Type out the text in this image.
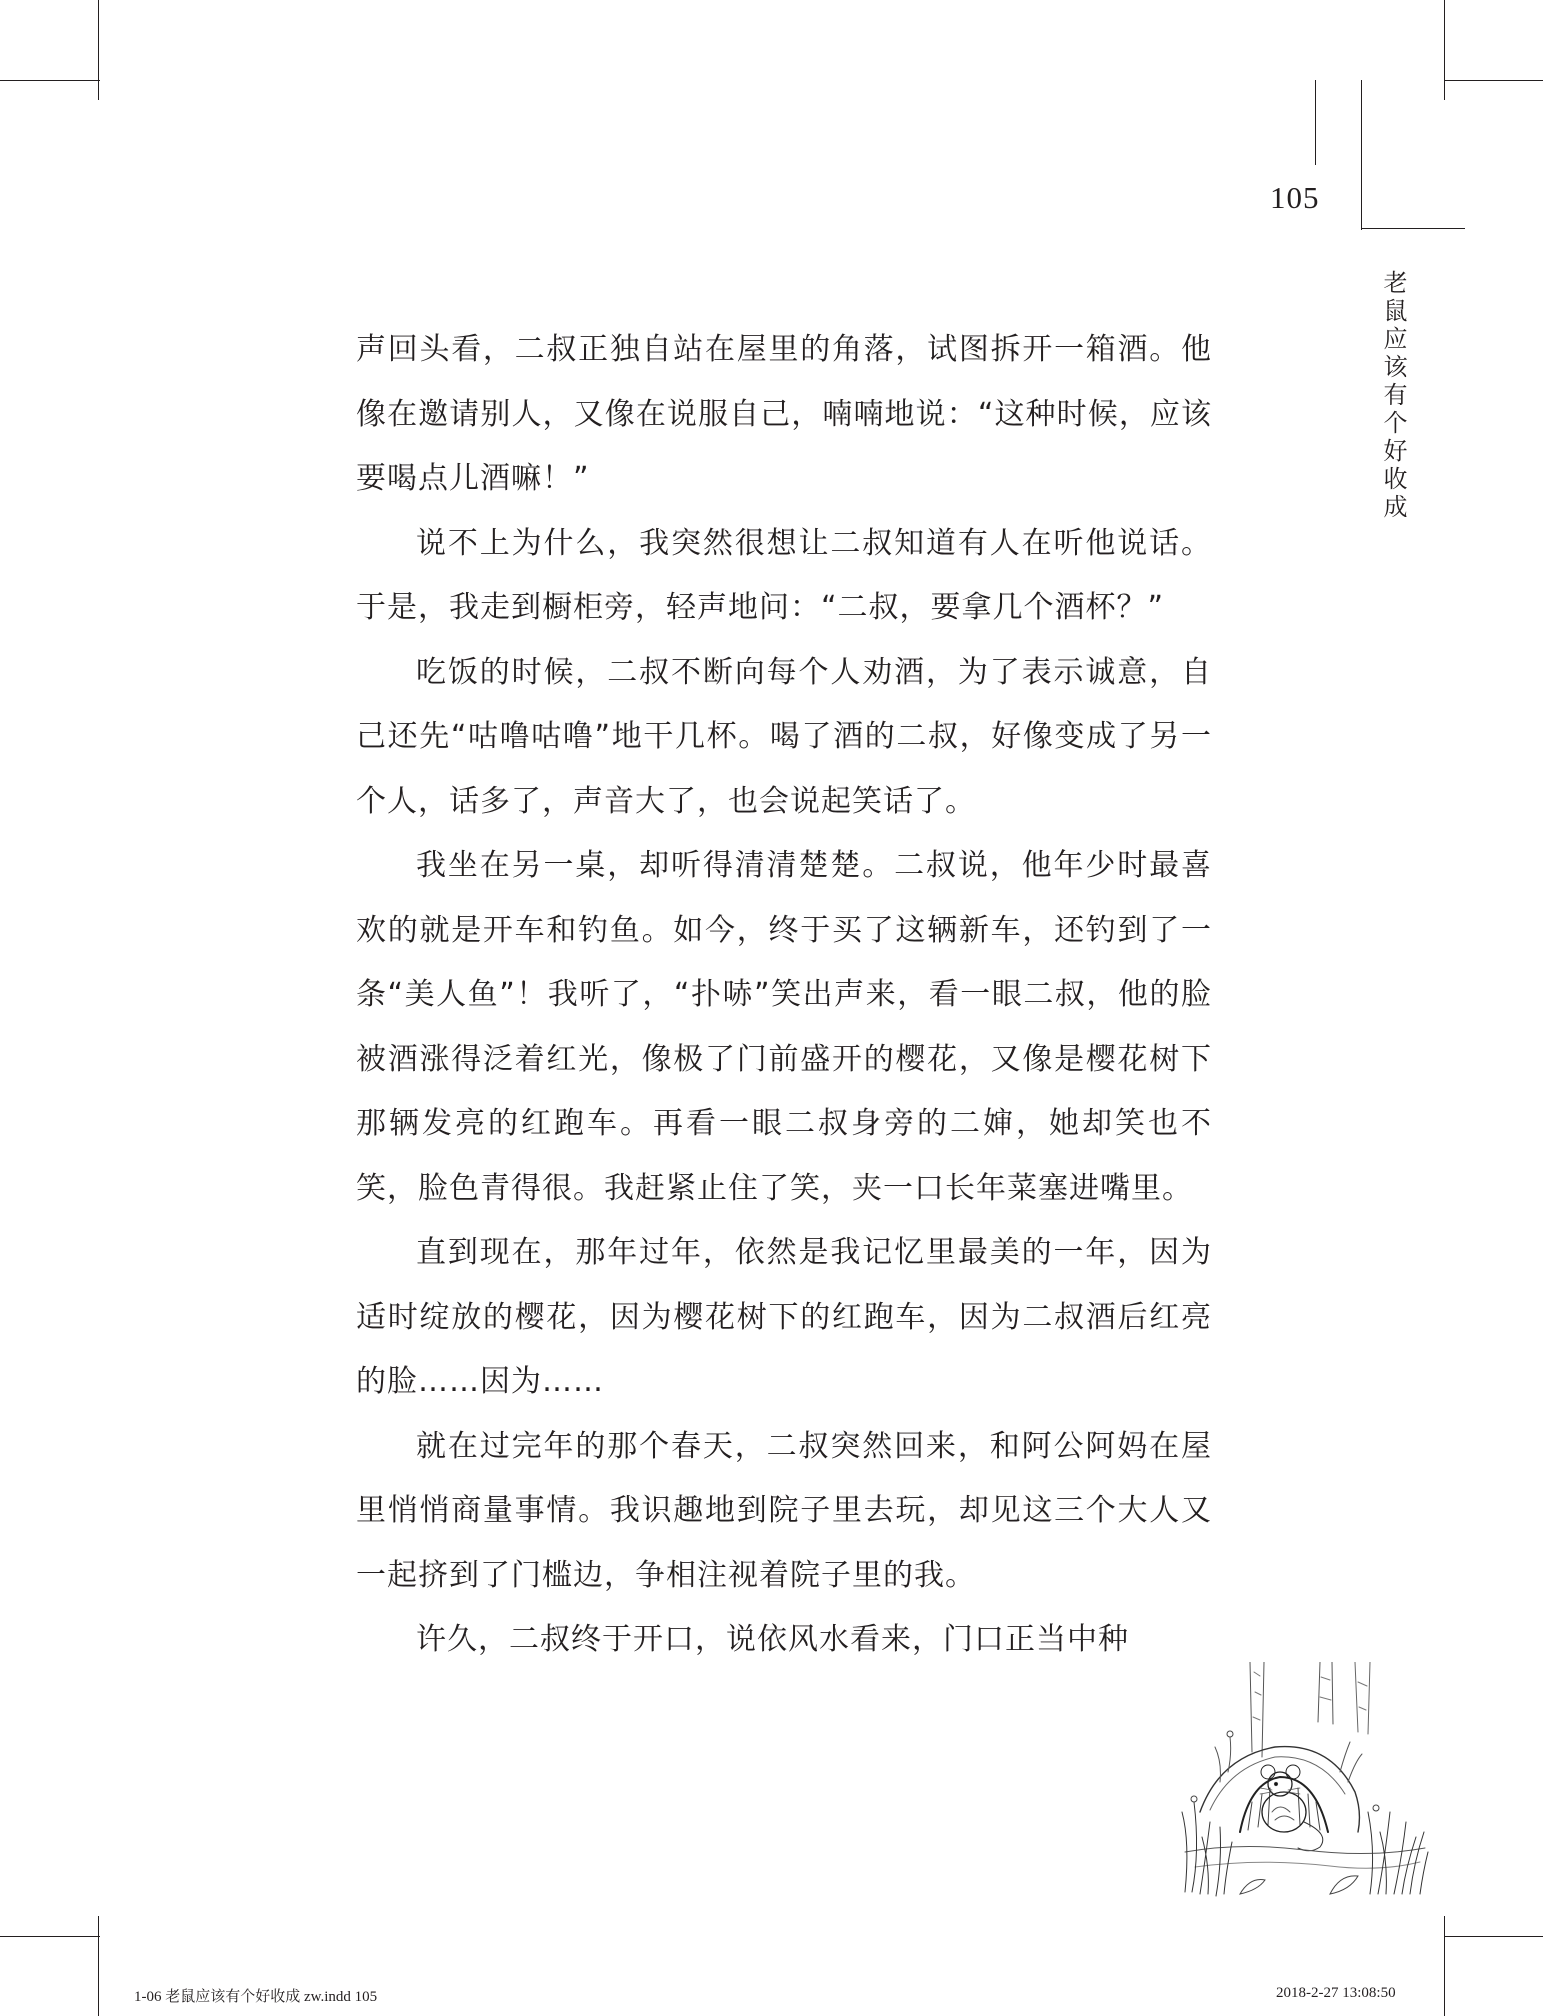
105
老鼠应该有个好收成

声回头看，二叔正独自站在屋里的角落，试图拆开一箱酒。他像在邀请别人，又像在说服自己，喃喃地说：“这种时候，应该要喝点儿酒嘛！”

说不上为什么，我突然很想让二叔知道有人在听他说话。于是，我走到橱柜旁，轻声地问：“二叔，要拿几个酒杯？”

吃饭的时候，二叔不断向每个人劝酒，为了表示诚意，自己还先“咕噜咕噜”地干几杯。喝了酒的二叔，好像变成了另一个人，话多了，声音大了，也会说起笑话了。

我坐在另一桌，却听得清清楚楚。二叔说，他年少时最喜欢的就是开车和钓鱼。如今，终于买了这辆新车，还钓到了一条“美人鱼”！我听了，“扑哧”笑出声来，看一眼二叔，他的脸被酒涨得泛着红光，像极了门前盛开的樱花，又像是樱花树下那辆发亮的红跑车。再看一眼二叔身旁的二婶，她却笑也不笑，脸色青得很。我赶紧止住了笑，夹一口长年菜塞进嘴里。

直到现在，那年过年，依然是我记忆里最美的一年，因为适时绽放的樱花，因为樱花树下的红跑车，因为二叔酒后红亮的脸……因为……

就在过完年的那个春天，二叔突然回来，和阿公阿妈在屋里悄悄商量事情。我识趣地到院子里去玩，却见这三个大人又一起挤到了门槛边，争相注视着院子里的我。

许久，二叔终于开口，说依风水看来，门口正当中种

1-06 老鼠应该有个好收成 zw.indd 105	2018-2-27 13:08:50
